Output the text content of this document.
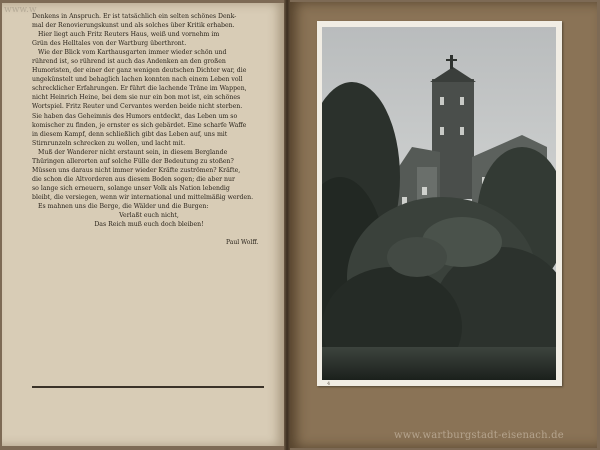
www.w
Denkens in Anspruch. Er ist tatsächlich ein selten schönes Denk-
mal der Renovierungskunst und als solches über Kritik erhaben.
Hier liegt auch Fritz Reuters Haus, weiß und vornehm im
Grün des Helltales von der Wartburg überthront.
Wie der Blick vom Karthausgarten immer wieder schön und
rührend ist, so rührend ist auch das Andenken an den großen
Humoristen, der einer der ganz wenigen deutschen Dichter war, die
ungekünstelt und behaglich lachen konnten nach einem Leben voll
schrecklicher Erfahrungen. Er führt die lachende Träne im Wappen,
nicht Heinrich Heine, bei dem sie nur ein bon mot ist, ein schönes
Wortspiel. Fritz Reuter und Cervantes werden beide nicht sterben.
Sie haben das Geheimnis des Humors entdeckt, das Leben um so
komischer zu finden, je ernster es sich gebärdet. Eine scharfe Waffe
in diesem Kampf, denn schließlich gibt das Leben auf, uns mit
Stirnrunzeln schrecken zu wollen, und lacht mit.
Muß der Wanderer nicht erstaunt sein, in diesem Berglande
Thüringen allerorten auf solche Fülle der Bedeutung zu stoßen?
Müssen uns daraus nicht immer wieder Kräfte zuströmen? Kräfte,
die schon die Altvorderen aus diesem Boden sogen; die aber nur
so lange sich erneuern, solange unser Volk als Nation lebendig
bleibt, die versiegen, wenn wir international und mittelmäßig werden.
Es mahnen uns die Berge, die Wälder und die Burgen:
Verlaßt euch nicht,
Das Reich muß euch doch bleiben!
Paul Wolff.
4
www.wartburgstadt-eisenach.de
